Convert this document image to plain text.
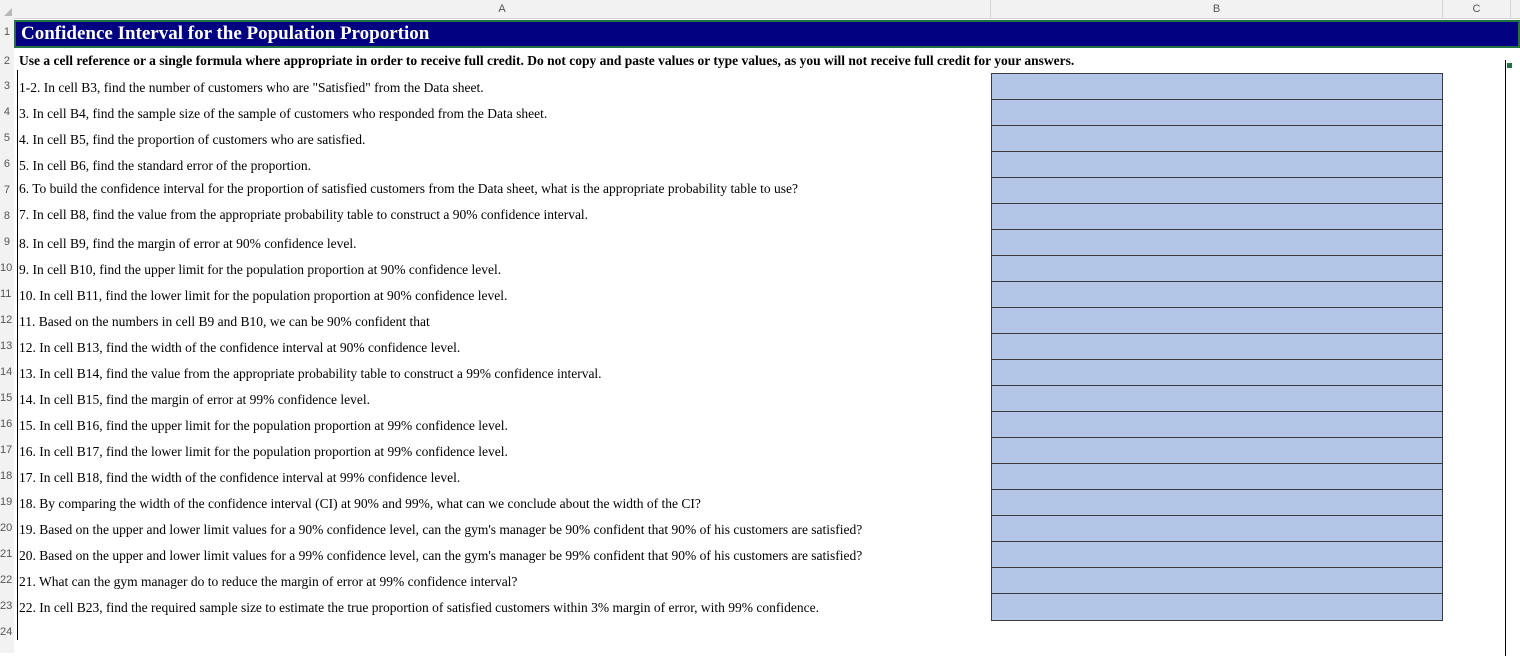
A	B	C
1
2
3
4
5
6
7
8
9
10
11
12
13
14
15
16
17
18
19
20
21
22
23
24
Confidence Interval for the Population Proportion
Use a cell reference or a single formula where appropriate in order to receive full credit. Do not copy and paste values or type values, as you will not receive full credit for your answers.
1-2. In cell B3, find the number of customers who are "Satisfied" from the Data sheet.
3. In cell B4, find the sample size of the sample of customers who responded from the Data sheet.
4. In cell B5, find the proportion of customers who are satisfied.
5. In cell B6, find the standard error of the proportion.
6. To build the confidence interval for the proportion of satisfied customers from the Data sheet, what is the appropriate probability table to use?
7. In cell B8, find the value from the appropriate probability table to construct a 90% confidence interval.
8. In cell B9, find the margin of error at 90% confidence level.
9. In cell B10, find the upper limit for the population proportion at 90% confidence level.
10. In cell B11, find the lower limit for the population proportion at 90% confidence level.
11. Based on the numbers in cell B9 and B10, we can be 90% confident that
12. In cell B13, find the width of the confidence interval at 90% confidence level.
13. In cell B14, find the value from the appropriate probability table to construct a 99% confidence interval.
14. In cell B15, find the margin of error at 99% confidence level.
15. In cell B16, find the upper limit for the population proportion at 99% confidence level.
16. In cell B17, find the lower limit for the population proportion at 99% confidence level.
17. In cell B18, find the width of the confidence interval at 99% confidence level.
18. By comparing the width of the confidence interval (CI) at 90% and 99%, what can we conclude about the width of the CI?
19. Based on the upper and lower limit values for a 90% confidence level, can the gym's manager be 90% confident that 90% of his customers are satisfied?
20. Based on the upper and lower limit values for a 99% confidence level, can the gym's manager be 99% confident that 90% of his customers are satisfied?
21. What can the gym manager do to reduce the margin of error at 99% confidence interval?
22. In cell B23, find the required sample size to estimate the true proportion of satisfied customers within 3% margin of error, with 99% confidence.
